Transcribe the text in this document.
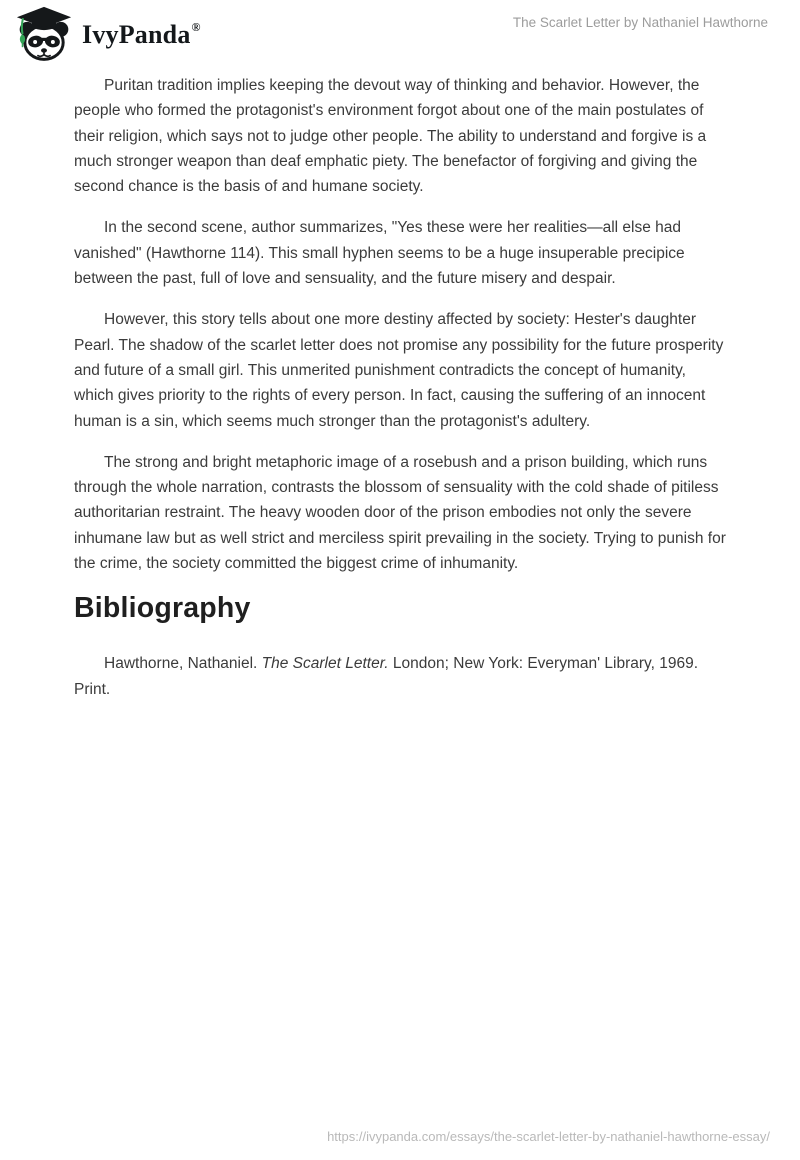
IvyPanda ®	The Scarlet Letter by Nathaniel Hawthorne

Puritan tradition implies keeping the devout way of thinking and behavior. However, the people who formed the protagonist's environment forgot about one of the main postulates of their religion, which says not to judge other people. The ability to understand and forgive is a much stronger weapon than deaf emphatic piety. The benefactor of forgiving and giving the second chance is the basis of and humane society.

In the second scene, author summarizes, "Yes these were her realities—all else had vanished" (Hawthorne 114). This small hyphen seems to be a huge insuperable precipice between the past, full of love and sensuality, and the future misery and despair.

However, this story tells about one more destiny affected by society: Hester's daughter Pearl. The shadow of the scarlet letter does not promise any possibility for the future prosperity and future of a small girl. This unmerited punishment contradicts the concept of humanity, which gives priority to the rights of every person. In fact, causing the suffering of an innocent human is a sin, which seems much stronger than the protagonist's adultery.

The strong and bright metaphoric image of a rosebush and a prison building, which runs through the whole narration, contrasts the blossom of sensuality with the cold shade of pitiless authoritarian restraint. The heavy wooden door of the prison embodies not only the severe inhumane law but as well strict and merciless spirit prevailing in the society. Trying to punish for the crime, the society committed the biggest crime of inhumanity.

Bibliography

Hawthorne, Nathaniel. The Scarlet Letter. London; New York: Everyman' Library, 1969. Print.

https://ivypanda.com/essays/the-scarlet-letter-by-nathaniel-hawthorne-essay/
